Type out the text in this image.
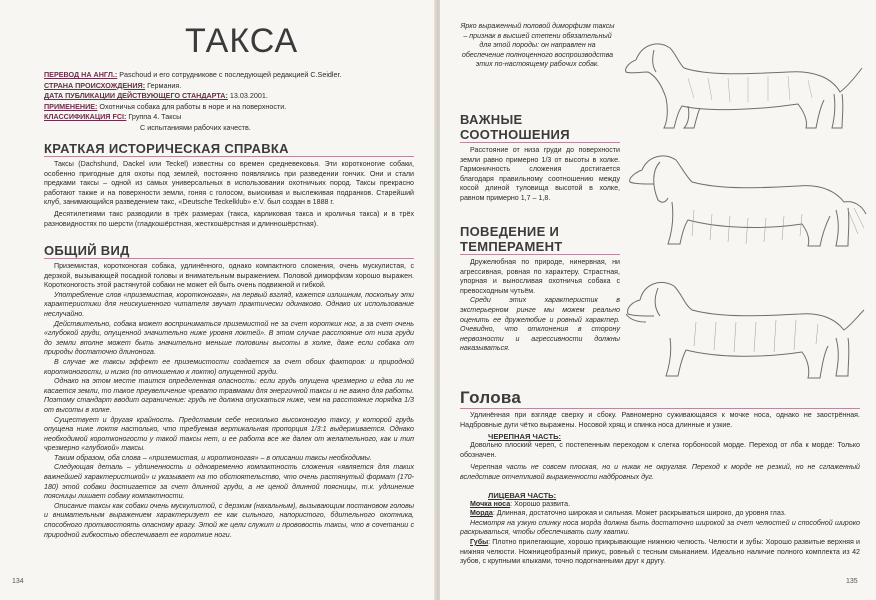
ТАКСА
ПЕРЕВОД НА АНГЛ.: Paschoud и его сотрудникове с последующей редакцией C.Seidler.
СТРАНА ПРОИСХОЖДЕНИЯ: Германия.
ДАТА ПУБЛИКАЦИИ ДЕЙСТВУЮЩЕГО СТАНДАРТА: 13.03.2001.
ПРИМЕНЕНИЕ: Охотничья собака для работы в норе и на поверхности.
КЛАССИФИКАЦИЯ FCI: Группа 4. Таксы
С испытаниями рабочих качеств.
КРАТКАЯ ИСТОРИЧЕСКАЯ СПРАВКА

Таксы (Dachshund, Dackel или Teckel) известны со времен средневековья. Эти коротконогие собаки, особенно пригодные для охоты под землей, постоянно появлялись при разведении гончих. Они и стали предками таксы – одной из самых универсальных в использовании охотничьих пород. Таксы прекрасно работают также и на поверхности земли, гоняя с голосом, выискивая и выслеживая подранков. Старейший клуб, занимающийся разведением такс, «Deutsche Teckelklub» e.V. был создан в 1888 г.

Десятилетиями такс разводили в трёх размерах (такса, карликовая такса и кроличья такса) и в трёх разновидностях по шерсти (гладкошёрстная, жесткошёрстная и длинношёрстная).

ОБЩИЙ ВИД

Приземистая, коротконогая собака, удлинённого, однако компактного сложения, очень мускулистая, с дерзкой, вызывающей посадкой головы и внимательным выражением. Половой диморфизм хорошо выражен. Коротконогость этой растянутой собаки не может ей быть очень подвижной и гибкой.

Употребление слов «приземистая, коротконогая», на первый взгляд, кажется излишним, поскольку эти характеристики для неискушенного читателя звучат практически одинаково. Однако их использование неслучайно.

Действительно, собака может восприниматься приземистой не за счет коротких ног, а за счет очень «глубокой груди, опущенной значительно ниже уровня локтей». В этом случае расстояние от низа груди до земли вполне может быть значительно меньше половины высоты в холке, даже если собака от природы достаточно длинонога.

В случае же таксы эффект ее приземистости создается за счет обоих факторов: и природной коротконогости, и низко (по отношению к локтю) опущенной груди.

Однако на этом месте таится определенная опасность: если грудь опущена чрезмерно и едва ли не касается земли, то такое преувеличение чревато травмами для энергичной таксы и не важно для работы. Поэтому стандарт вводит ограничение: грудь не должна опускаться ниже, чем на расстояние порядка 1/3 от высоты в холке.

Существует и другая крайность. Представим себе несколько высоконогую таксу, у которой грудь опущена ниже локтя настолько, что требуемая вертикальная пропорция 1/3:1 выдерживается. Однако необходимой коротконогости у такой таксы нет, и ее работа все же далек от желательного, как и тип чрезмерно «глубокой» таксы.

Таким образом, оба слова – «приземистая, и коротконогая» – в описании таксы необходимы.

Следующая деталь – удлиненность и одновременно компактность сложения «является для таких важнейшей характеристикой» и указывает на то обстоятельство, что очень растянутый формат (170-180) этой собаки достигается за счет длинной груди, а не ценой длинной поясницы, т.к. удлинение поясницы лишает собаку компактности.

Описание таксы как собаки очень мускулистой, с дерзким (нахальным), вызывающим постановом головы и внимательным выражением характеризует ее как сильного, напористого, бдительного охотника, способного противостоять опасному врагу. Этой же цели служит и прововость таксы, что в сочетании с природной гибкостью обеспечивает ее короткие ноги.

134

Ярко выраженный половой диморфизм таксы – признак в высшей степени обязательный для этой породы: он направлен на обеспечение полноценного воспроизводства этих по-настоящему рабочих собак.

ВАЖНЫЕ СООТНОШЕНИЯ

Расстояние от низа груди до поверхности земли равно примерно 1/3 от высоты в холке. Гармоничность сложения достигается благодаря правильному соотношению между косой длиной туловища высотой в холке, равном примерно 1,7 – 1,8.

ПОВЕДЕНИЕ И ТЕМПЕРАМЕНТ

Дружелюбная по природе, нинервная, ни агрессивная, ровная по характеру. Страстная, упорная и выносливая охотничья собака с превосходным чутьём.

Среди этих характеристик в экстерьерном ринге мы можем реально оценить ее дружелюбие и ровный характер. Очевидно, что отклонения в сторону нервозности и агрессивности должны наказываться.

Голова

Удлинённая при взгляде сверху и сбоку. Равномерно суживающаяся к мочке носа, однако не заострённая. Надбровные дуги чётко выражены. Носовой хрящ и спинка носа длинные и узкие.

ЧЕРЕПНАЯ ЧАСТЬ:

Довольно плоский череп, с постепенным переходом к слегка горбоносой морде. Переход от лба к морде: Только обозначен.

Черепная часть не совсем плоская, но и никак не округлая. Переход к морде не резкий, но не сглаженный вследствие отчетливой выраженности надбровных дуг.

ЛИЦЕВАЯ ЧАСТЬ:

Мочка носа: Хорошо развита.

Морда: Длинная, достаточно широкая и сильная. Может раскрываться широко, до уровня глаз.

Несмотря на узкую спинку носа морда должна быть достаточно широкой за счет челюстей и способной широко раскрываться, чтобы обеспечивать силу хватки.

Губы: Плотно прилегающие, хорошо прикрывающие нижнюю челюсть. Челюсти и зубы: Хорошо развитые верхняя и нижняя челюсти. Ножницеобразный прикус, ровный с тесным смыканием. Идеально наличие полного комплекта из 42 зубов, с крупными клыками, точно подогнанными друг к другу.

135
